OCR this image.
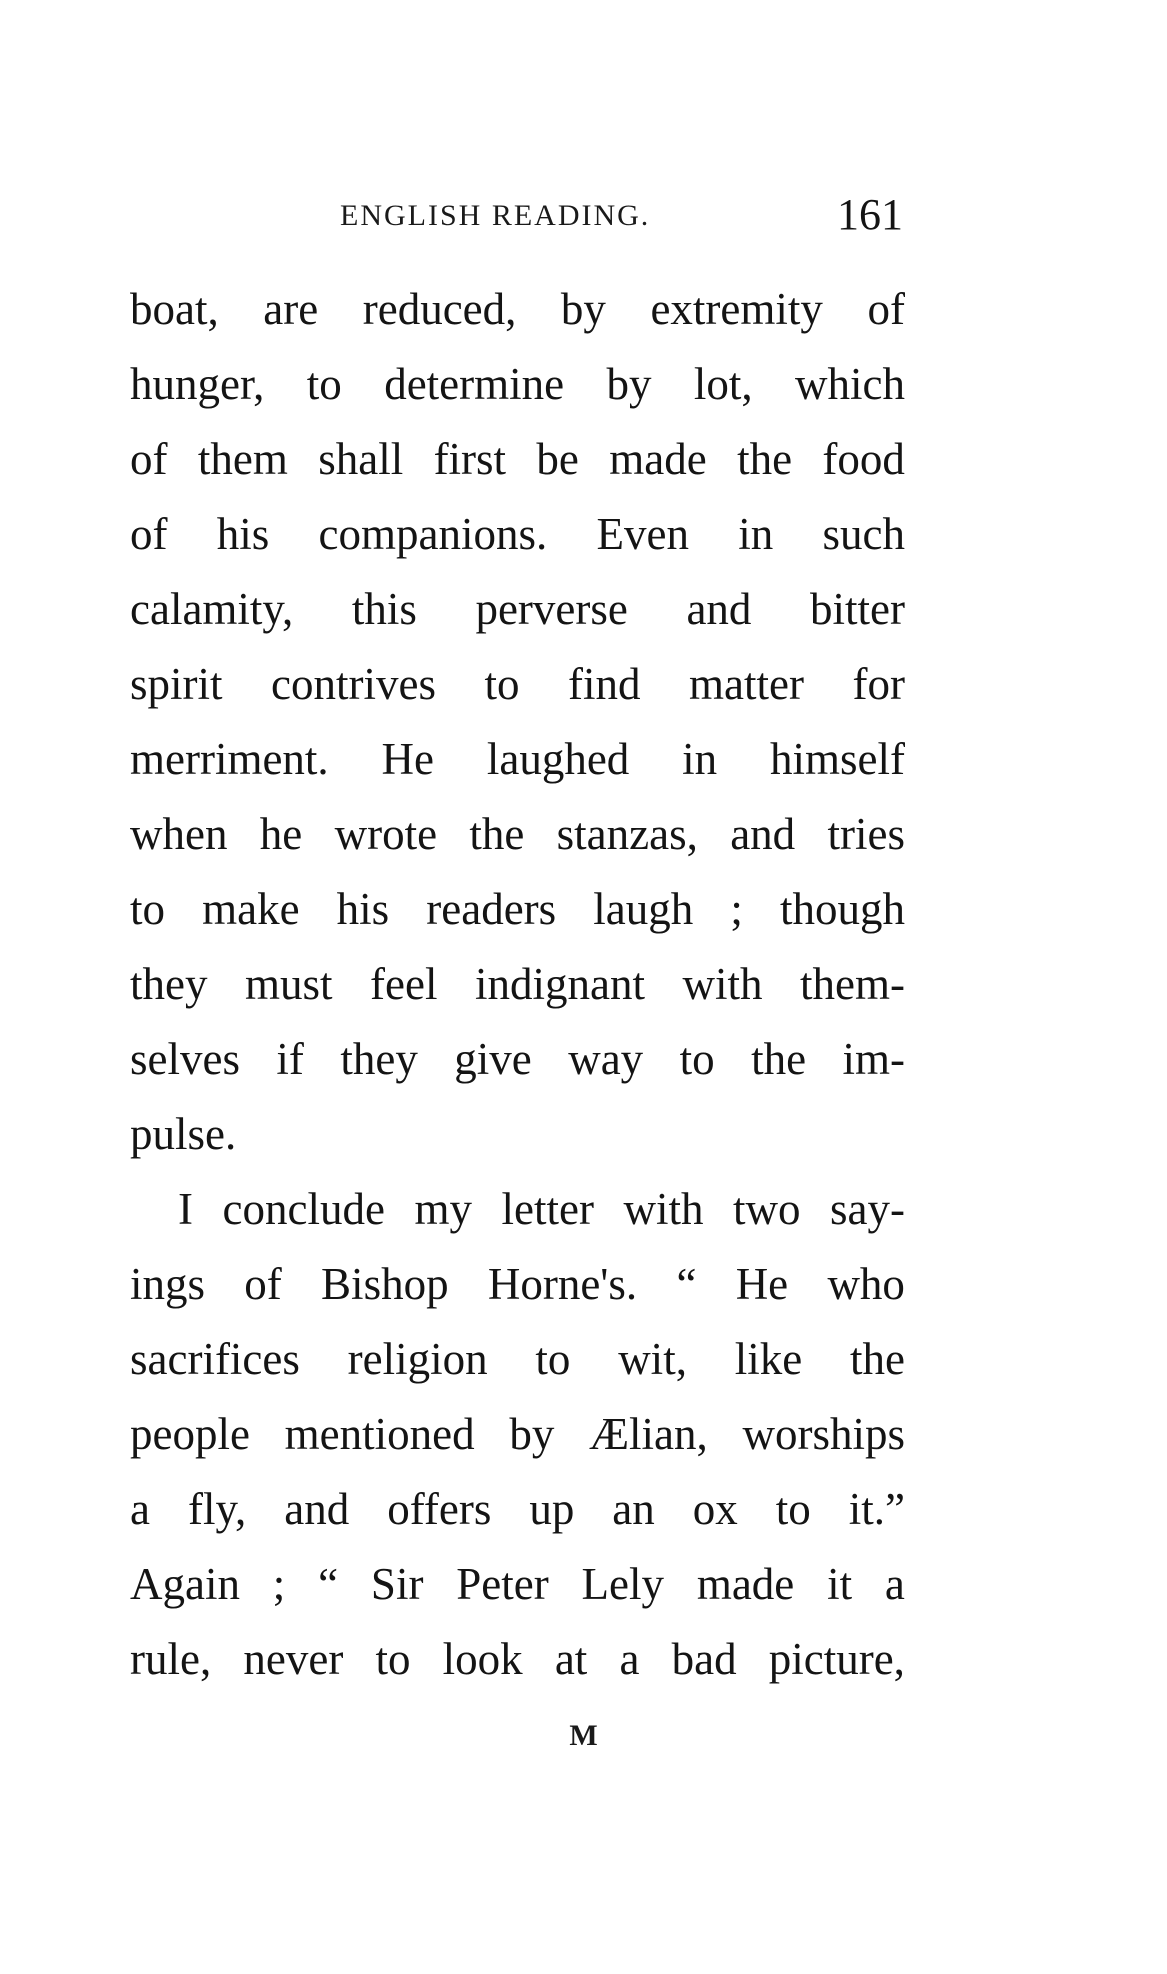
ENGLISH READING.	161
boat, are reduced, by extremity of
hunger, to determine by lot, which
of them shall first be made the food
of his companions. Even in such
calamity, this perverse and bitter
spirit contrives to find matter for
merriment. He laughed in himself
when he wrote the stanzas, and tries
to make his readers laugh ; though
they must feel indignant with them-
selves if they give way to the im-
pulse.
I conclude my letter with two say-
ings of Bishop Horne's. “ He who
sacrifices religion to wit, like the
people mentioned by Ælian, worships
a fly, and offers up an ox to it.”
Again ; “ Sir Peter Lely made it a
rule, never to look at a bad picture,
M
